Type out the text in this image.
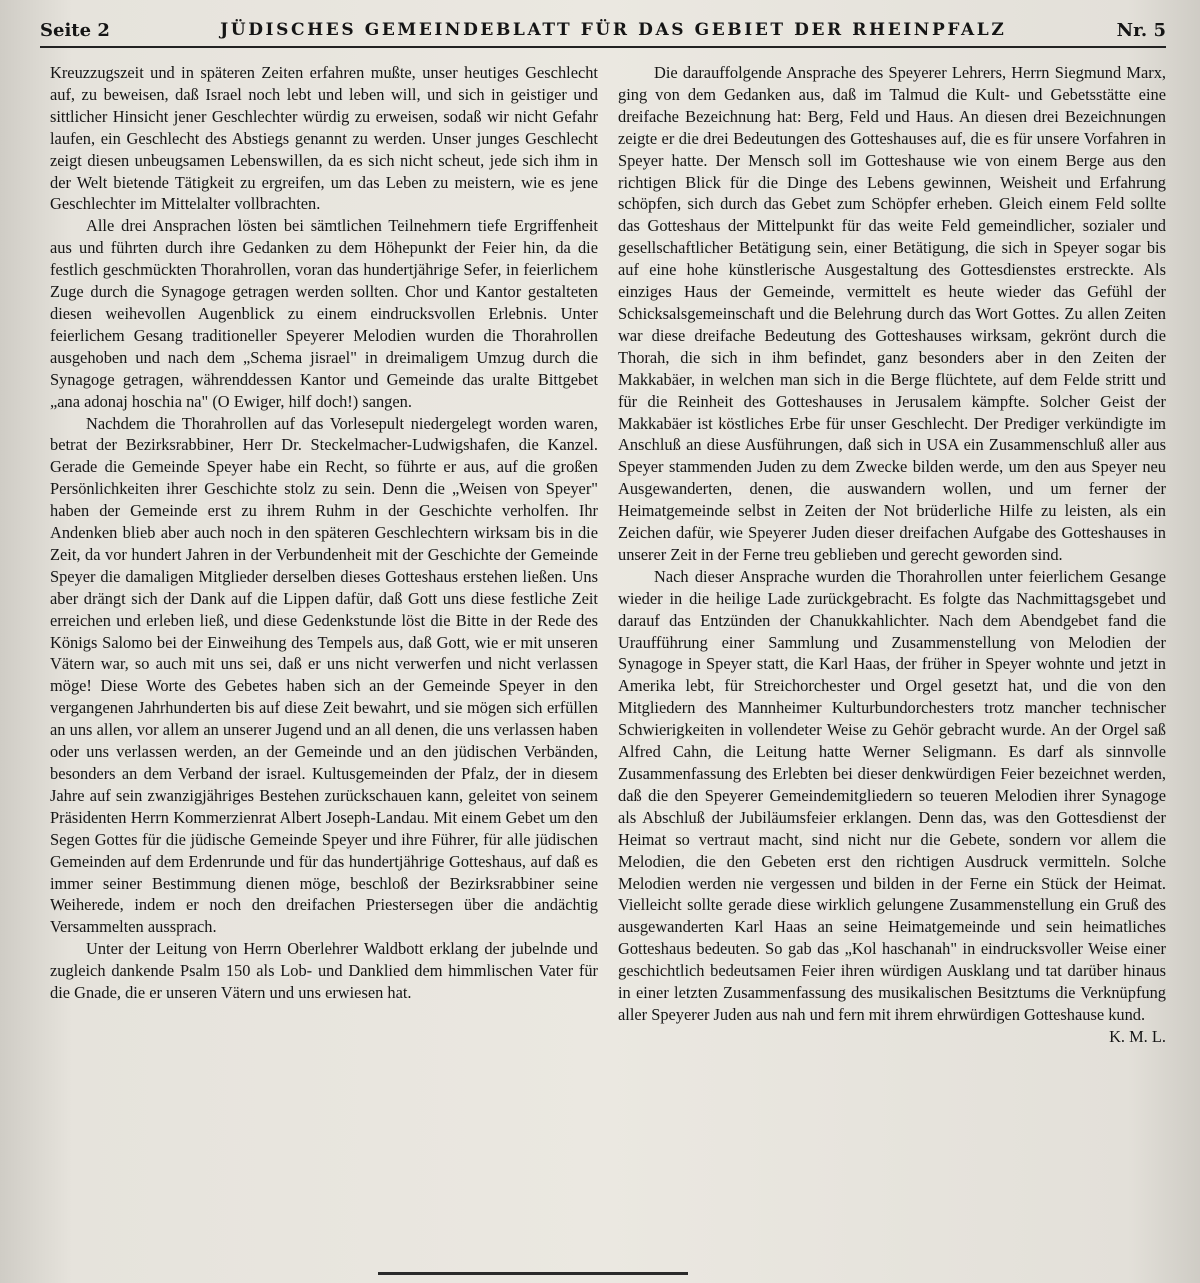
Seite 2	JÜDISCHES GEMEINDEBLATT FÜR DAS GEBIET DER RHEINPFALZ	Nr. 5

Kreuzzugszeit und in späteren Zeiten erfahren mußte, unser heutiges Geschlecht auf, zu beweisen, daß Israel noch lebt und leben will, und sich in geistiger und sittlicher Hinsicht jener Geschlechter würdig zu erweisen, sodaß wir nicht Gefahr laufen, ein Geschlecht des Abstiegs genannt zu werden. Unser junges Geschlecht zeigt diesen unbeugsamen Lebenswillen, da es sich nicht scheut, jede sich ihm in der Welt bietende Tätigkeit zu ergreifen, um das Leben zu meistern, wie es jene Geschlechter im Mittelalter vollbrachten.

Alle drei Ansprachen lösten bei sämtlichen Teilnehmern tiefe Ergriffenheit aus und führten durch ihre Gedanken zu dem Höhepunkt der Feier hin, da die festlich geschmückten Thorahrollen, voran das hundertjährige Sefer, in feierlichem Zuge durch die Synagoge getragen werden sollten. Chor und Kantor gestalteten diesen weihevollen Augenblick zu einem eindrucksvollen Erlebnis. Unter feierlichem Gesang traditioneller Speyerer Melodien wurden die Thorahrollen ausgehoben und nach dem „Schema jisrael" in dreimaligem Umzug durch die Synagoge getragen, währenddessen Kantor und Gemeinde das uralte Bittgebet „ana adonaj hoschia na" (O Ewiger, hilf doch!) sangen.

Nachdem die Thorahrollen auf das Vorlesepult niedergelegt worden waren, betrat der Bezirksrabbiner, Herr Dr. Steckelmacher-Ludwigshafen, die Kanzel. Gerade die Gemeinde Speyer habe ein Recht, so führte er aus, auf die großen Persönlichkeiten ihrer Geschichte stolz zu sein. Denn die „Weisen von Speyer" haben der Gemeinde erst zu ihrem Ruhm in der Geschichte verholfen. Ihr Andenken blieb aber auch noch in den späteren Geschlechtern wirksam bis in die Zeit, da vor hundert Jahren in der Verbundenheit mit der Geschichte der Gemeinde Speyer die damaligen Mitglieder derselben dieses Gotteshaus erstehen ließen. Uns aber drängt sich der Dank auf die Lippen dafür, daß Gott uns diese festliche Zeit erreichen und erleben ließ, und diese Gedenkstunde löst die Bitte in der Rede des Königs Salomo bei der Einweihung des Tempels aus, daß Gott, wie er mit unseren Vätern war, so auch mit uns sei, daß er uns nicht verwerfen und nicht verlassen möge! Diese Worte des Gebetes haben sich an der Gemeinde Speyer in den vergangenen Jahrhunderten bis auf diese Zeit bewahrt, und sie mögen sich erfüllen an uns allen, vor allem an unserer Jugend und an all denen, die uns verlassen haben oder uns verlassen werden, an der Gemeinde und an den jüdischen Verbänden, besonders an dem Verband der israel. Kultusgemeinden der Pfalz, der in diesem Jahre auf sein zwanzigjähriges Bestehen zurückschauen kann, geleitet von seinem Präsidenten Herrn Kommerzienrat Albert Joseph-Landau. Mit einem Gebet um den Segen Gottes für die jüdische Gemeinde Speyer und ihre Führer, für alle jüdischen Gemeinden auf dem Erdenrunde und für das hundertjährige Gotteshaus, auf daß es immer seiner Bestimmung dienen möge, beschloß der Bezirksrabbiner seine Weiherede, indem er noch den dreifachen Priestersegen über die andächtig Versammelten aussprach.

Unter der Leitung von Herrn Oberlehrer Waldbott erklang der jubelnde und zugleich dankende Psalm 150 als Lob- und Danklied dem himmlischen Vater für die Gnade, die er unseren Vätern und uns erwiesen hat.

Die darauffolgende Ansprache des Speyerer Lehrers, Herrn Siegmund Marx, ging von dem Gedanken aus, daß im Talmud die Kult- und Gebetsstätte eine dreifache Bezeichnung hat: Berg, Feld und Haus. An diesen drei Bezeichnungen zeigte er die drei Bedeutungen des Gotteshauses auf, die es für unsere Vorfahren in Speyer hatte. Der Mensch soll im Gotteshause wie von einem Berge aus den richtigen Blick für die Dinge des Lebens gewinnen, Weisheit und Erfahrung schöpfen, sich durch das Gebet zum Schöpfer erheben. Gleich einem Feld sollte das Gotteshaus der Mittelpunkt für das weite Feld gemeindlicher, sozialer und gesellschaftlicher Betätigung sein, einer Betätigung, die sich in Speyer sogar bis auf eine hohe künstlerische Ausgestaltung des Gottesdienstes erstreckte. Als einziges Haus der Gemeinde, vermittelt es heute wieder das Gefühl der Schicksalsgemeinschaft und die Belehrung durch das Wort Gottes. Zu allen Zeiten war diese dreifache Bedeutung des Gotteshauses wirksam, gekrönt durch die Thorah, die sich in ihm befindet, ganz besonders aber in den Zeiten der Makkabäer, in welchen man sich in die Berge flüchtete, auf dem Felde stritt und für die Reinheit des Gotteshauses in Jerusalem kämpfte. Solcher Geist der Makkabäer ist köstliches Erbe für unser Geschlecht. Der Prediger verkündigte im Anschluß an diese Ausführungen, daß sich in USA ein Zusammenschluß aller aus Speyer stammenden Juden zu dem Zwecke bilden werde, um den aus Speyer neu Ausgewanderten, denen, die auswandern wollen, und um ferner der Heimatgemeinde selbst in Zeiten der Not brüderliche Hilfe zu leisten, als ein Zeichen dafür, wie Speyerer Juden dieser dreifachen Aufgabe des Gotteshauses in unserer Zeit in der Ferne treu geblieben und gerecht geworden sind.

Nach dieser Ansprache wurden die Thorahrollen unter feierlichem Gesange wieder in die heilige Lade zurückgebracht. Es folgte das Nachmittagsgebet und darauf das Entzünden der Chanukkahlichter. Nach dem Abendgebet fand die Uraufführung einer Sammlung und Zusammenstellung von Melodien der Synagoge in Speyer statt, die Karl Haas, der früher in Speyer wohnte und jetzt in Amerika lebt, für Streichorchester und Orgel gesetzt hat, und die von den Mitgliedern des Mannheimer Kulturbundorchesters trotz mancher technischer Schwierigkeiten in vollendeter Weise zu Gehör gebracht wurde. An der Orgel saß Alfred Cahn, die Leitung hatte Werner Seligmann. Es darf als sinnvolle Zusammenfassung des Erlebten bei dieser denkwürdigen Feier bezeichnet werden, daß die den Speyerer Gemeindemitgliedern so teueren Melodien ihrer Synagoge als Abschluß der Jubiläumsfeier erklangen. Denn das, was den Gottesdienst der Heimat so vertraut macht, sind nicht nur die Gebete, sondern vor allem die Melodien, die den Gebeten erst den richtigen Ausdruck vermitteln. Solche Melodien werden nie vergessen und bilden in der Ferne ein Stück der Heimat. Vielleicht sollte gerade diese wirklich gelungene Zusammenstellung ein Gruß des ausgewanderten Karl Haas an seine Heimatgemeinde und sein heimatliches Gotteshaus bedeuten. So gab das „Kol haschanah" in eindrucksvoller Weise einer geschichtlich bedeutsamen Feier ihren würdigen Ausklang und tat darüber hinaus in einer letzten Zusammenfassung des musikalischen Besitztums die Verknüpfung aller Speyerer Juden aus nah und fern mit ihrem ehrwürdigen Gotteshause kund.

K. M. L.
